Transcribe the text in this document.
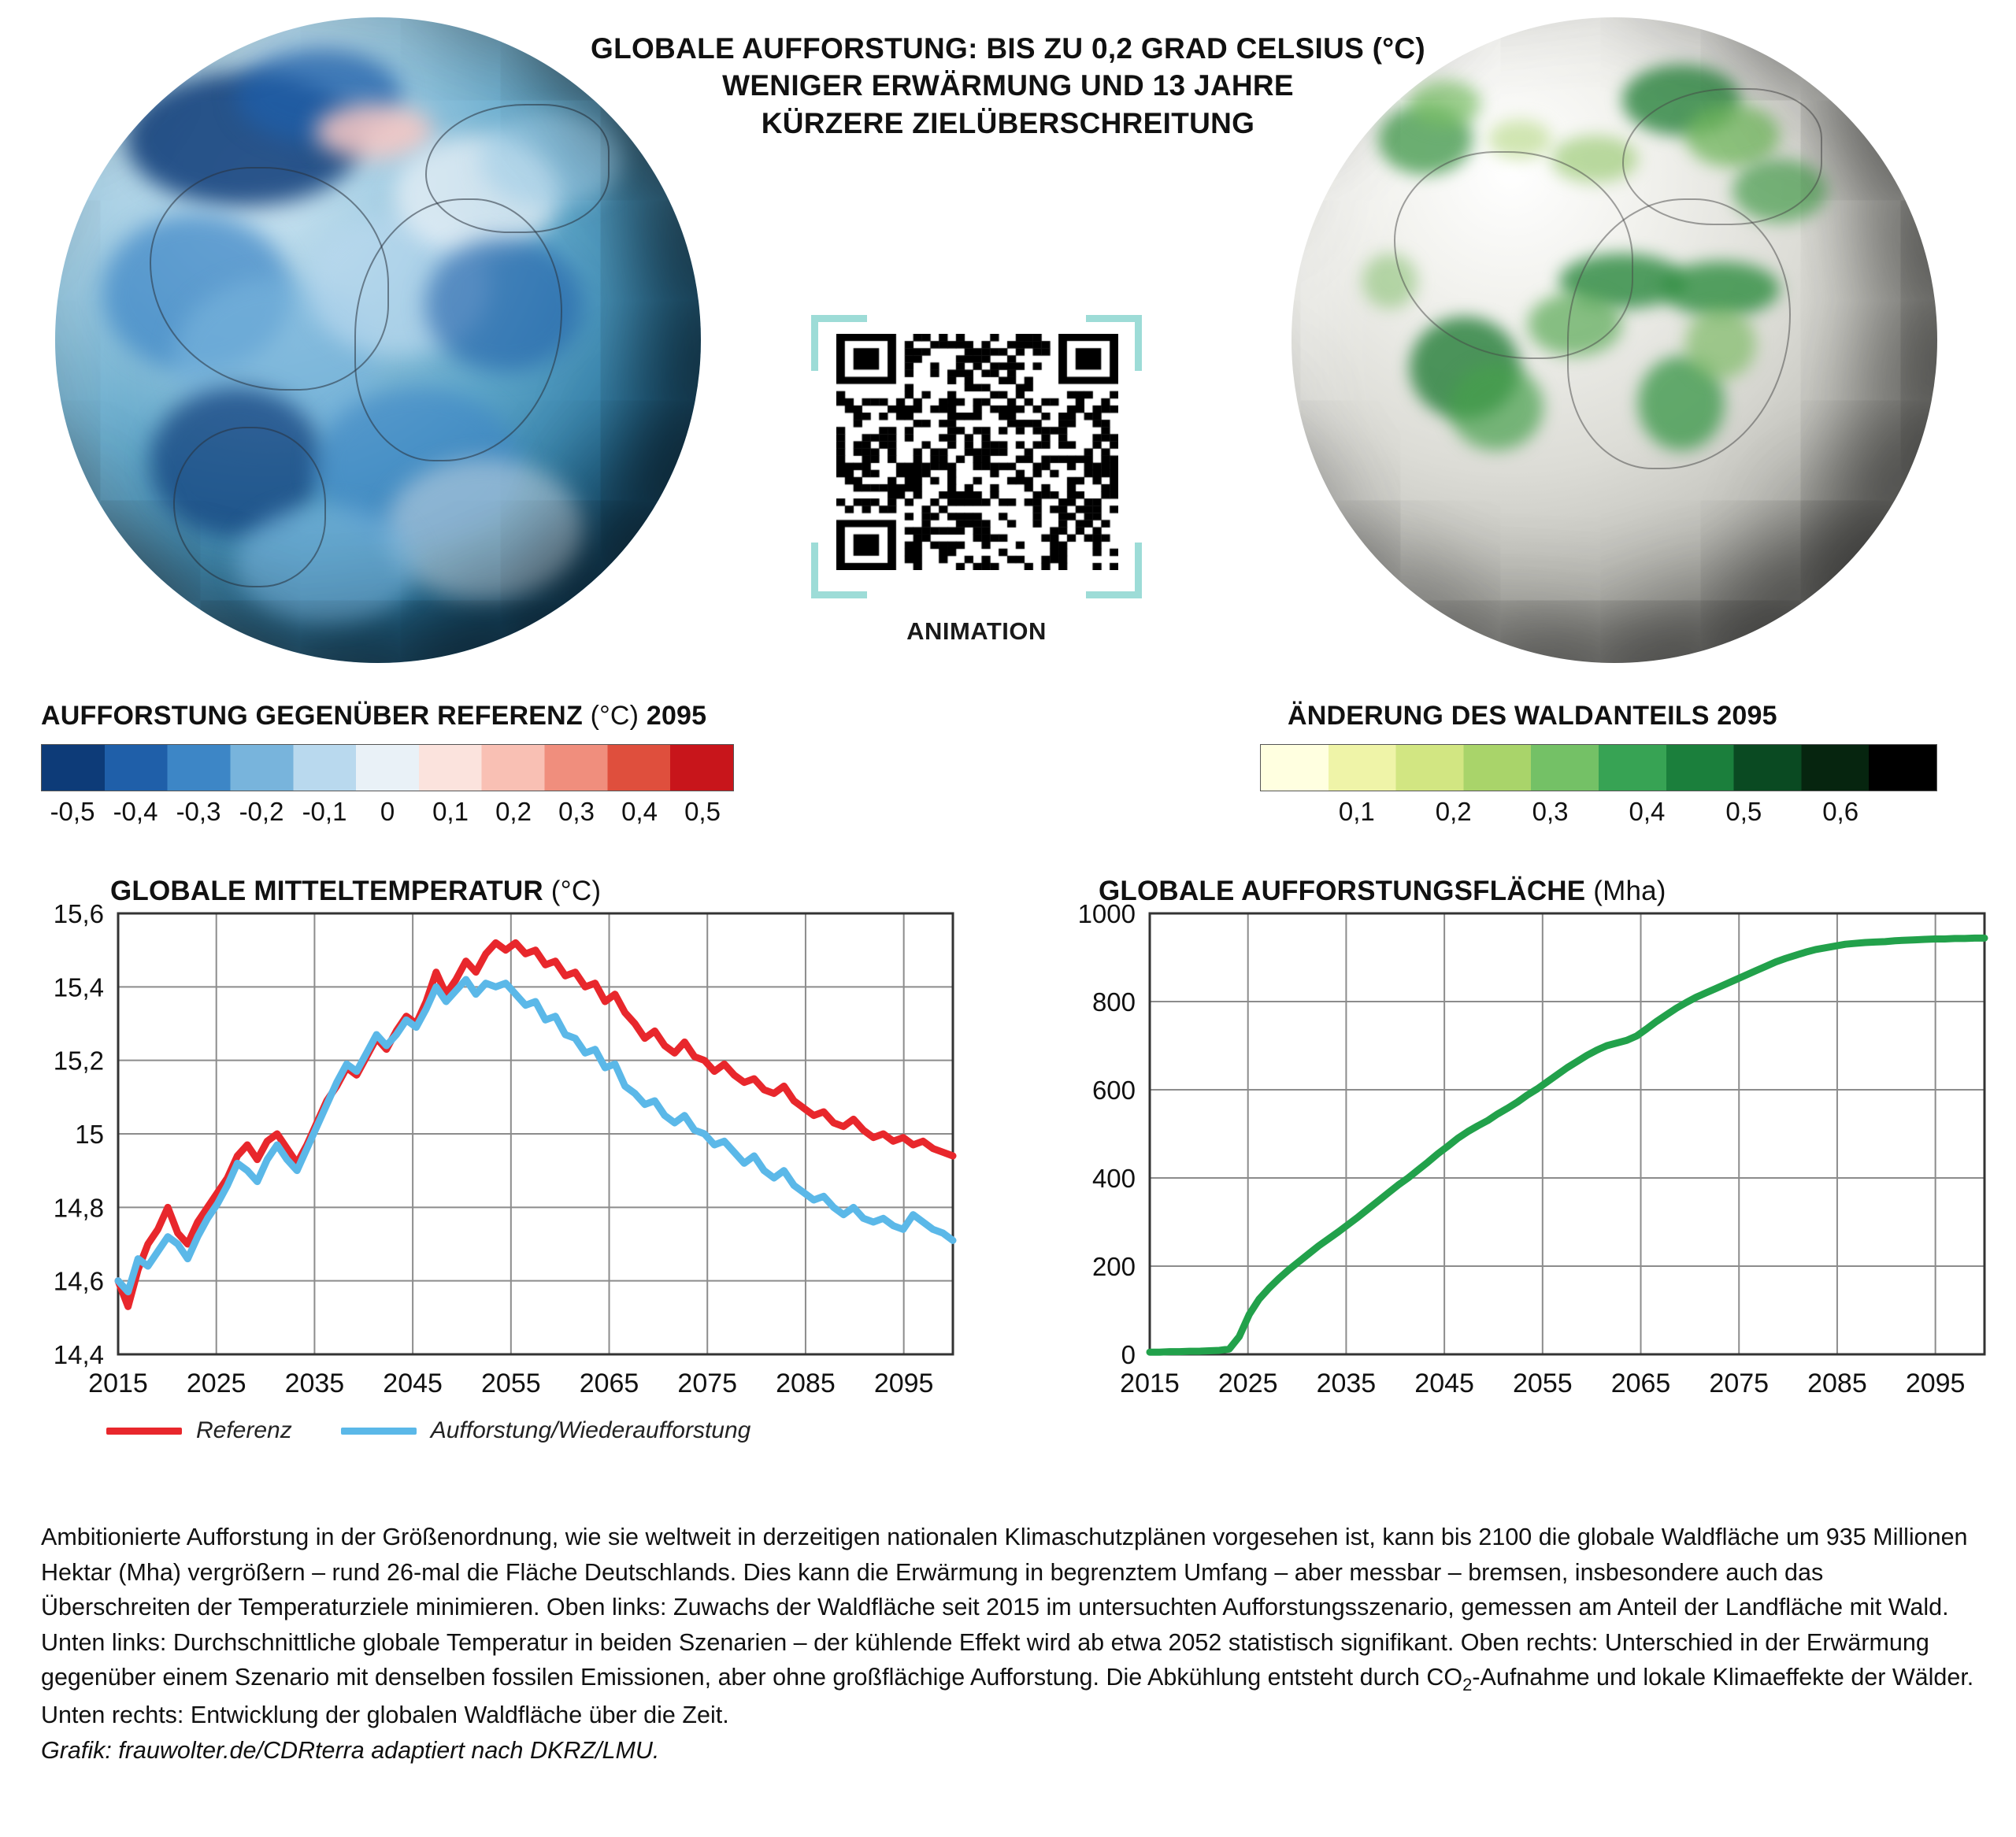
GLOBALE AUFFORSTUNG: BIS ZU 0,2 GRAD CELSIUS (°C)
WENIGER ERWÄRMUNG UND 13 JAHRE
KÜRZERE ZIELÜBERSCHREITUNG
ANIMATION
AUFFORSTUNG GEGENÜBER REFERENZ (°C) 2095
-0,5 -0,4 -0,3 -0,2 -0,1 0 0,1 0,2 0,3 0,4 0,5
ÄNDERUNG DES WALDANTEILS 2095
0,1 0,2 0,3 0,4 0,5 0,6
GLOBALE MITTELTEMPERATUR (°C)
14,4
14,6
14,8
15
15,2
15,4
15,6
2015 2025 2035 2045 2055 2065 2075 2085 2095
Referenz	Aufforstung/Wiederaufforstung
GLOBALE AUFFORSTUNGSFLÄCHE (Mha)
0
200
400
600
800
1000
2015 2025 2035 2045 2055 2065 2075 2085 2095
Ambitionierte Aufforstung in der Größenordnung, wie sie weltweit in derzeitigen nationalen Klimaschutzplänen vorgesehen ist, kann bis 2100 die globale Waldfläche um 935 Millionen Hektar (Mha) vergrößern – rund 26-mal die Fläche Deutschlands. Dies kann die Erwärmung in begrenztem Umfang – aber messbar – bremsen, insbesondere auch das Überschreiten der Temperaturziele minimieren. Oben links: Zuwachs der Waldfläche seit 2015 im untersuchten Aufforstungsszenario, gemessen am Anteil der Landfläche mit Wald. Unten links: Durchschnittliche globale Temperatur in beiden Szenarien – der kühlende Effekt wird ab etwa 2052 statistisch signifikant. Oben rechts: Unterschied in der Erwärmung gegenüber einem Szenario mit denselben fossilen Emissionen, aber ohne großflächige Aufforstung. Die Abkühlung entsteht durch $CO_2$-Aufnahme und lokale Klimaeffekte der Wälder. Unten rechts: Entwicklung der globalen Waldfläche über die Zeit.
Grafik: frauwolter.de/CDRterra adaptiert nach DKRZ/LMU.
